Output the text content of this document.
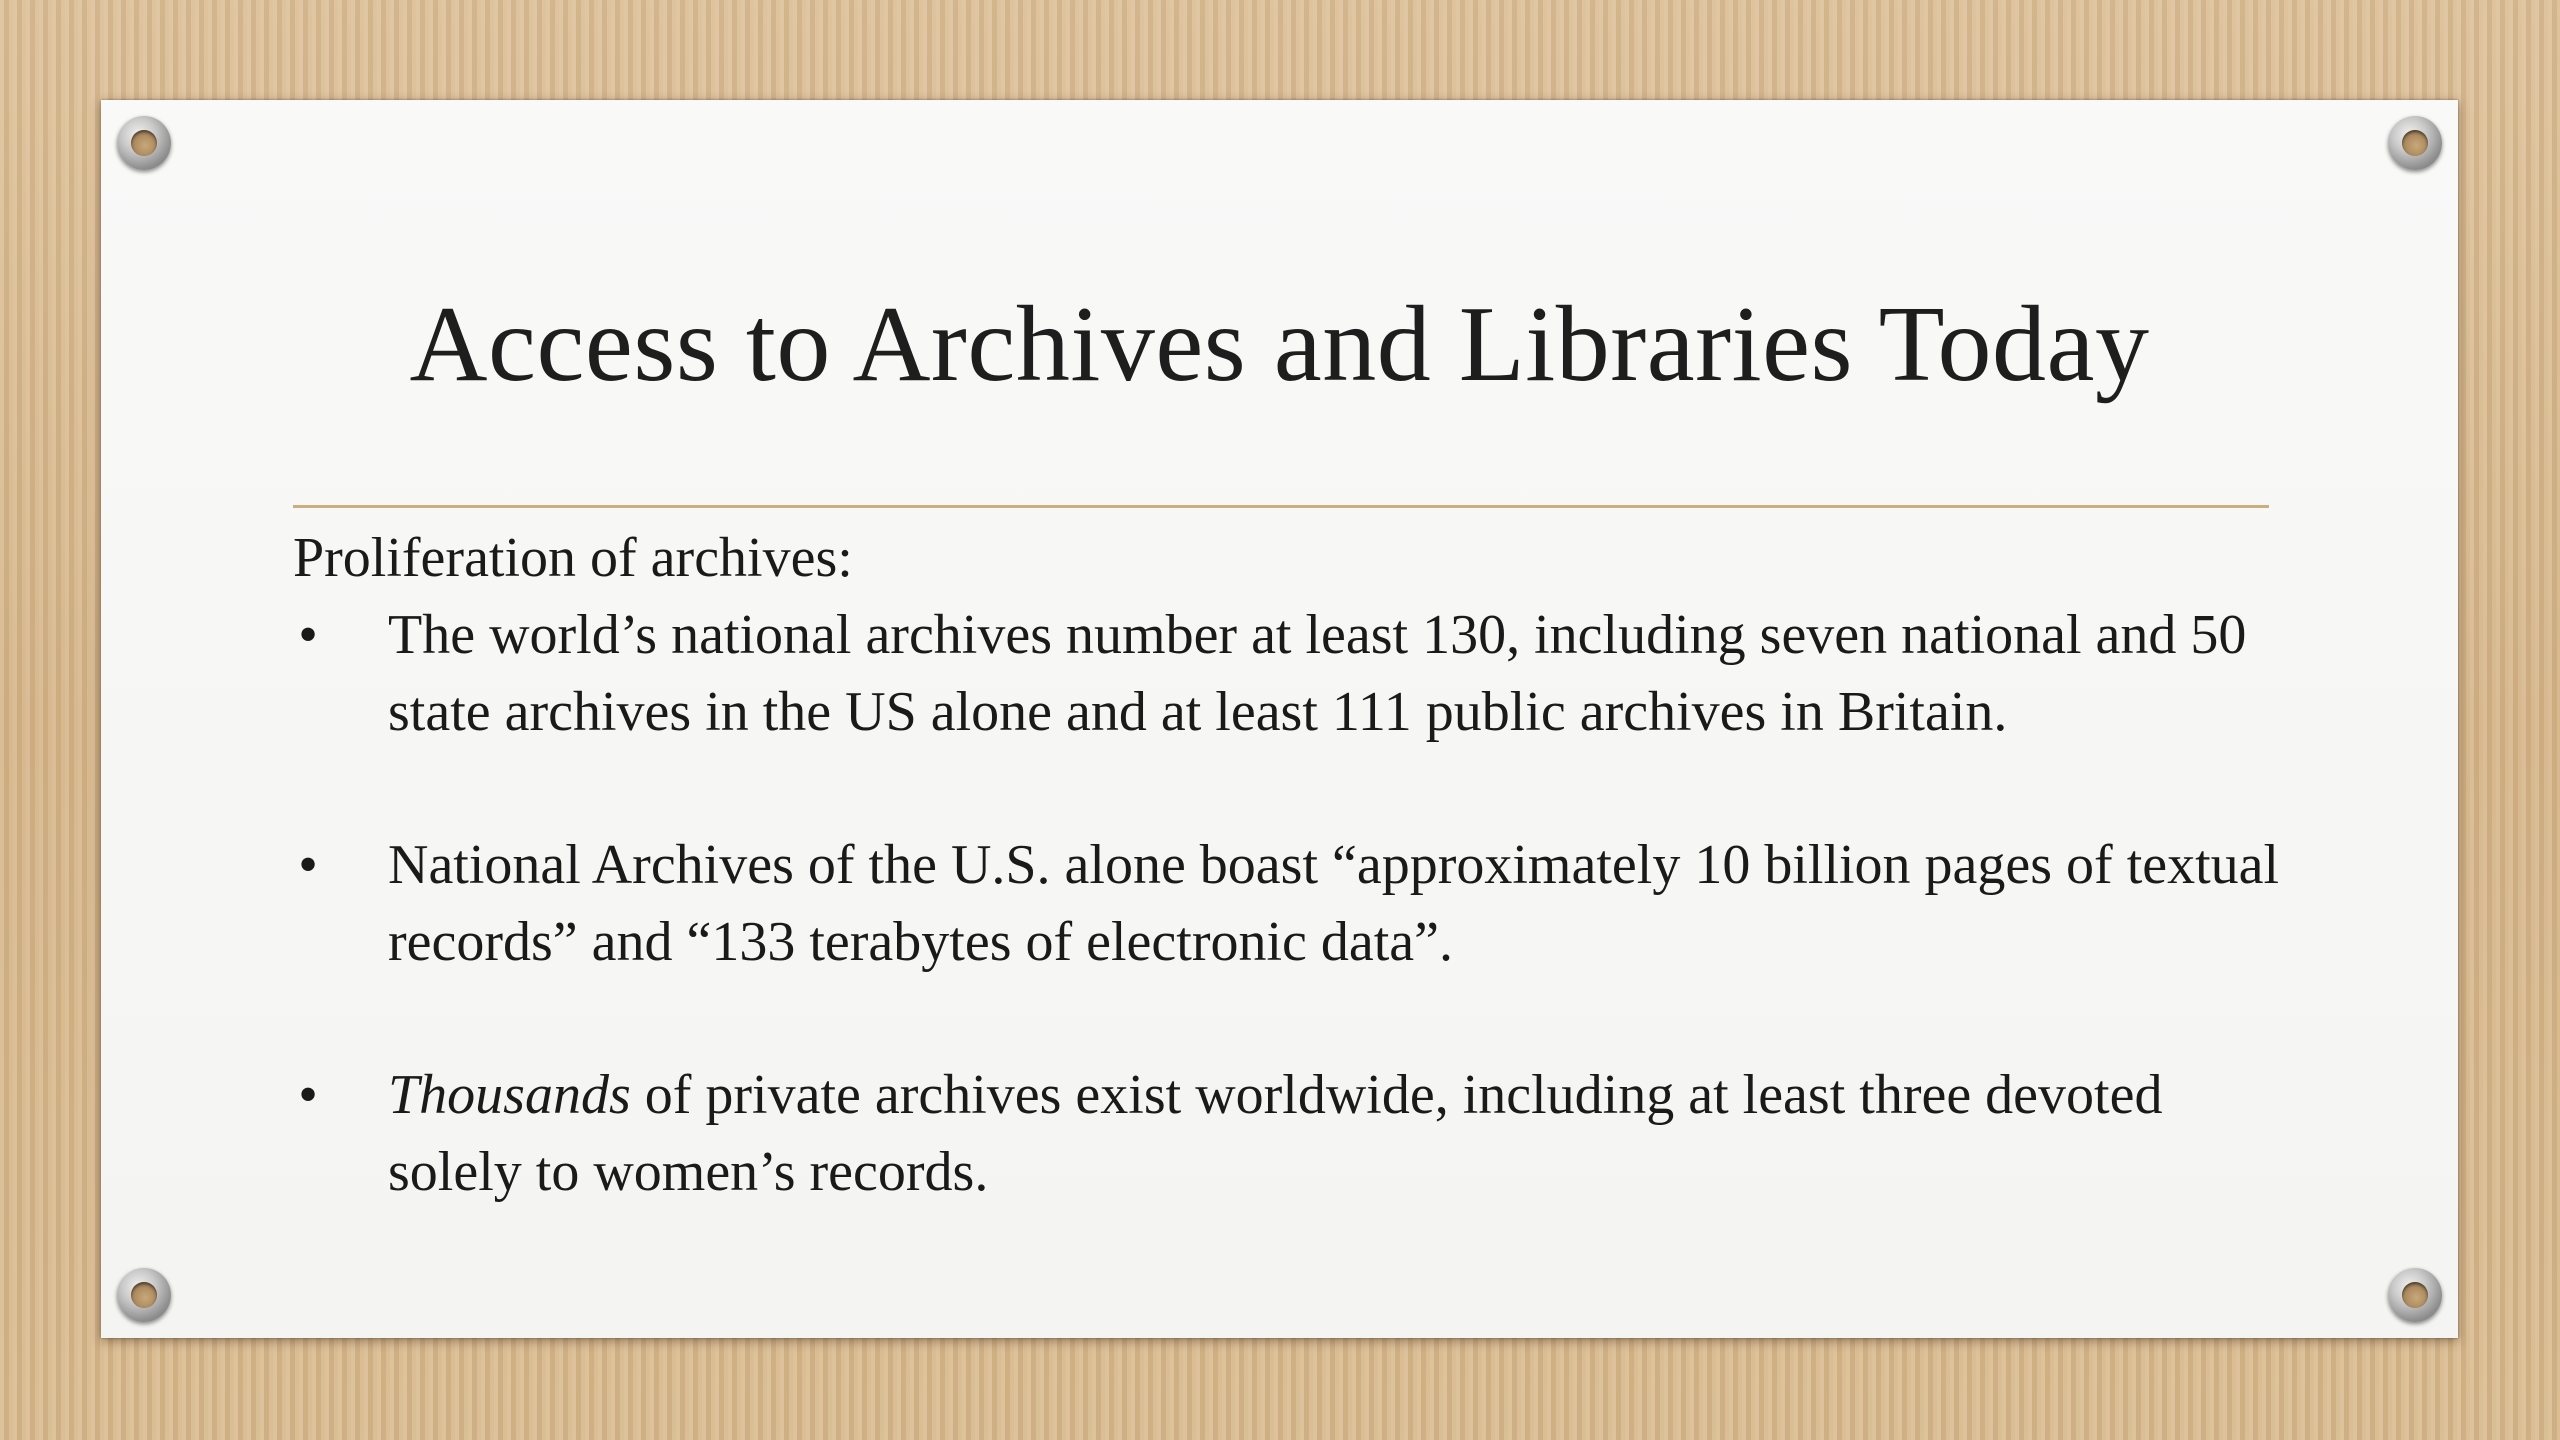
Access to Archives and Libraries Today

Proliferation of archives:

• The world’s national archives number at least 130, including seven national and 50 state archives in the US alone and at least 111 public archives in Britain.
• National Archives of the U.S. alone boast “approximately 10 billion pages of textual records” and “133 terabytes of electronic data”.
• Thousands of private archives exist worldwide, including at least three devoted solely to women’s records.
